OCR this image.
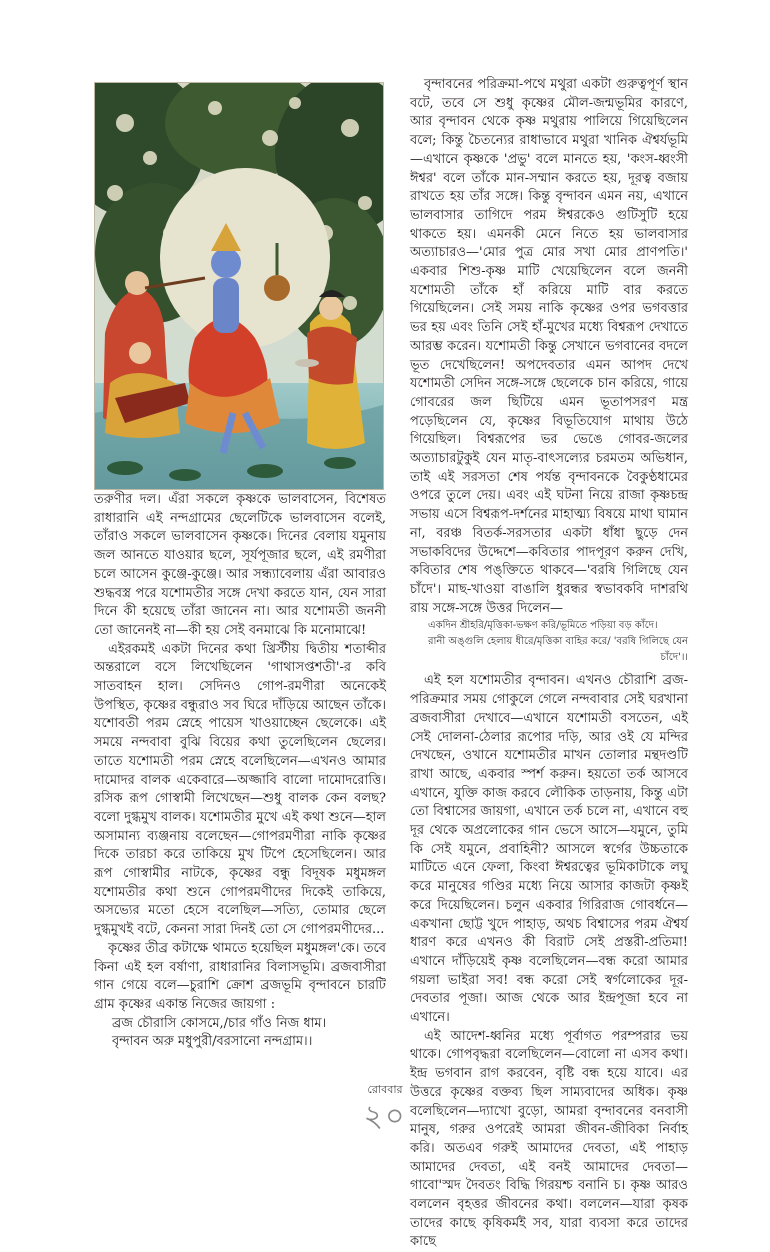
তরুণীর দল। এঁরা সকলে কৃষ্ণকে ভালবাসেন, বিশেষত রাধারানি এই নন্দগ্রামের ছেলেটিকে ভালবাসেন বলেই, তাঁরাও সকলে ভালবাসেন কৃষ্ণকে। দিনের বেলায় যমুনায় জল আনতে যাওয়ার ছলে, সূর্যপূজার ছলে, এই রমণীরা চলে আসেন কুঞ্জে-কুঞ্জে। আর সন্ধ্যাবেলায় এঁরা আবারও শুদ্ধবস্ত্র পরে যশোমতীর সঙ্গে দেখা করতে যান, যেন সারা দিনে কী হয়েছে তাঁরা জানেন না। আর যশোমতী জননী তো জানেনই না—কী হয় সেই বনমাঝে কি মনোমাঝে!

এইরকমই একটা দিনের কথা খ্রিস্টীয় দ্বিতীয় শতাব্দীর অন্তরালে বসে লিখেছিলেন 'গাথাসপ্তশতী'-র কবি সাতবাহন হাল। সেদিনও গোপ-রমণীরা অনেকেই উপস্থিত, কৃষ্ণের বন্ধুরাও সব ঘিরে দাঁড়িয়ে আছেন তাঁকে। যশোবতী পরম স্নেহে পায়েস খাওয়াচ্ছেন ছেলেকে। এই সময়ে নন্দবাবা বুঝি বিয়ের কথা তুলেছিলেন ছেলের। তাতে যশোমতী পরম স্নেহে বলেছিলেন—এখনও আমার দামোদর বালক একেবারে—অজ্জাবি বালো দামোদরোত্তি। রসিক রূপ গোস্বামী লিখেছেন—শুধু বালক কেন বলছ? বলো দুগ্ধমুখ বালক। যশোমতীর মুখে এই কথা শুনে—হাল অসামান্য ব্যঞ্জনায় বলেছেন—গোপরমণীরা নাকি কৃষ্ণের দিকে তারচা করে তাকিয়ে মুখ টিপে হেসেছিলেন। আর রূপ গোস্বামীর নাটকে, কৃষ্ণের বন্ধু বিদূষক মধুমঙ্গল যশোমতীর কথা শুনে গোপরমণীদের দিকেই তাকিয়ে, অসভ্যের মতো হেসে বলেছিল—সত্যি, তোমার ছেলে দুগ্ধমুখই বটে, কেননা সারা দিনই তো সে গোপরমণীদের...

কৃষ্ণের তীব্র কটাক্ষে থামতে হয়েছিল মধুমঙ্গল'কে। তবে কিনা এই হল বর্ষাণা, রাধারানির বিলাসভূমি। ব্রজবাসীরা গান গেয়ে বলে—চুরাশি ক্রোশ ব্রজভূমি বৃন্দাবনে চারটি গ্রাম কৃষ্ণের একান্ত নিজের জায়গা :

ব্রজ চৌরাসি কোসমে,/চার গাঁও নিজ ধাম।

বৃন্দাবন অরু মধুপুরী/বরসানো নন্দগ্রাম।।

বৃন্দাবনের পরিক্রমা-পথে মথুরা একটা গুরুত্বপূর্ণ স্থান বটে, তবে সে শুধু কৃষ্ণের মৌল-জন্মভূমির কারণে, আর বৃন্দাবন থেকে কৃষ্ণ মথুরায় পালিয়ে গিয়েছিলেন বলে; কিন্তু চৈতন্যের রাধাভাবে মথুরা খানিক ঐশ্বর্যভূমি—এখানে কৃষ্ণকে 'প্রভু' বলে মানতে হয়, 'কংস-ধ্বংসী ঈশ্বর' বলে তাঁকে মান-সম্মান করতে হয়, দূরত্ব বজায় রাখতে হয় তাঁর সঙ্গে। কিন্তু বৃন্দাবন এমন নয়, এখানে ভালবাসার তাগিদে পরম ঈশ্বরকেও গুটিসুটি হয়ে থাকতে হয়। এমনকী মেনে নিতে হয় ভালবাসার অত্যাচারও—'মোর পুত্র মোর সখা মোর প্রাণপতি।' একবার শিশু-কৃষ্ণ মাটি খেয়েছিলেন বলে জননী যশোমতী তাঁকে হাঁ করিয়ে মাটি বার করতে গিয়েছিলেন। সেই সময় নাকি কৃষ্ণের ওপর ভগবত্তার ভর হয় এবং তিনি সেই হাঁ-মুখের মধ্যে বিশ্বরূপ দেখাতে আরম্ভ করেন। যশোমতী কিন্তু সেখানে ভগবানের বদলে ভূত দেখেছিলেন! অপদেবতার এমন আপদ দেখে যশোমতী সেদিন সঙ্গে-সঙ্গে ছেলেকে চান করিয়ে, গায়ে গোবরের জল ছিটিয়ে এমন ভূতাপসরণ মন্ত্র পড়েছিলেন যে, কৃষ্ণের বিভূতিযোগ মাথায় উঠে গিয়েছিল। বিশ্বরূপের ভর ভেঙে গোবর-জলের অত্যাচারটুকুই যেন মাতৃ-বাৎসল্যের চরমতম অভিধান, তাই এই সরসতা শেষ পর্যন্ত বৃন্দাবনকে বৈকুণ্ঠধামের ওপরে তুলে দেয়। এবং এই ঘটনা নিয়ে রাজা কৃষ্ণচন্দ্র সভায় এসে বিশ্বরূপ-দর্শনের মাহাত্ম্য বিষয়ে মাথা ঘামান না, বরঞ্চ বিতর্ক-সরসতার একটা ধাঁধা ছুড়ে দেন সভাকবিদের উদ্দেশে—কবিতার পাদপূরণ করুন দেখি, কবিতার শেষ পঙ্‌ক্তিতে থাকবে—'বরষি গিলিছে যেন চাঁদে'। মাছ-খাওয়া বাঙালি ধুরন্ধর স্বভাবকবি দাশরথি রায় সঙ্গে-সঙ্গে উত্তর দিলেন—

একদিন শ্রীহরি/মৃত্তিকা-ভক্ষণ করি/ভূমিতে পড়িয়া বড় কাঁদে।

রানী অঙ্গুলি হেলায় ধীরে/মৃত্তিকা বাহির করে/ 'বরষি গিলিছে যেন

চাঁদে'।।

এই হল যশোমতীর বৃন্দাবন। এখনও চৌরাশি ব্রজ-পরিক্রমার সময় গোকুলে গেলে নন্দবাবার সেই ঘরখানা ব্রজবাসীরা দেখাবে—এখানে যশোমতী বসতেন, এই সেই দোলনা-ঠেলার রূপোর দড়ি, আর ওই যে মন্দির দেখছেন, ওখানে যশোমতীর মাখন তোলার মন্থদণ্ডটি রাখা আছে, একবার স্পর্শ করুন। হয়তো তর্ক আসবে এখানে, যুক্তি কাজ করবে লৌকিক তাড়নায়, কিন্তু এটা তো বিশ্বাসের জায়গা, এখানে তর্ক চলে না, এখানে বহু দূর থেকে অপ্রলোকের গান ভেসে আসে—যমুনে, তুমি কি সেই যমুনে, প্রবাহিনী? আসলে স্বর্গের উচ্চতাকে মাটিতে এনে ফেলা, কিংবা ঈশ্বরত্বের ভূমিকাটাকে লঘু করে মানুষের গণ্ডির মধ্যে নিয়ে আসার কাজটা কৃষ্ণই করে দিয়েছিলেন। চলুন একবার গিরিরাজ গোবর্ধনে—একখানা ছোট্ট খুদে পাহাড়, অথচ বিশ্বাসের পরম ঐশ্বর্য ধারণ করে এখনও কী বিরাট সেই প্রস্তরী-প্রতিমা! এখানে দাঁড়িয়েই কৃষ্ণ বলেছিলেন—বন্ধ করো আমার গয়লা ভাইরা সব! বন্ধ করো সেই স্বর্গলোকের দূর-দেবতার পূজা। আজ থেকে আর ইন্দ্রপূজা হবে না এখানে।

এই আদেশ-ধ্বনির মধ্যে পূর্বাগত পরম্পরার ভয় থাকে। গোপবৃদ্ধরা বলেছিলেন—বোলো না এসব কথা। ইন্দ্র ভগবান রাগ করবেন, বৃষ্টি বন্ধ হয়ে যাবে। এর উত্তরে কৃষ্ণের বক্তব্য ছিল সাম্যবাদের অধিক। কৃষ্ণ বলেছিলেন—দ্যাখো বুড়ো, আমরা বৃন্দাবনের বনবাসী মানুষ, গরুর ওপরেই আমরা জীবন-জীবিকা নির্বাহ করি। অতএব গরুই আমাদের দেবতা, এই পাহাড় আমাদের দেবতা, এই বনই আমাদের দেবতা—গাবো'স্মদ দৈবতং বিদ্ধি গিরয়শ্চ বনানি চ। কৃষ্ণ আরও বললেন বৃহত্তর জীবনের কথা। বললেন—যারা কৃষক তাদের কাছে কৃষিকর্মই সব, যারা ব্যবসা করে তাদের কাছে

রোববার
২০
